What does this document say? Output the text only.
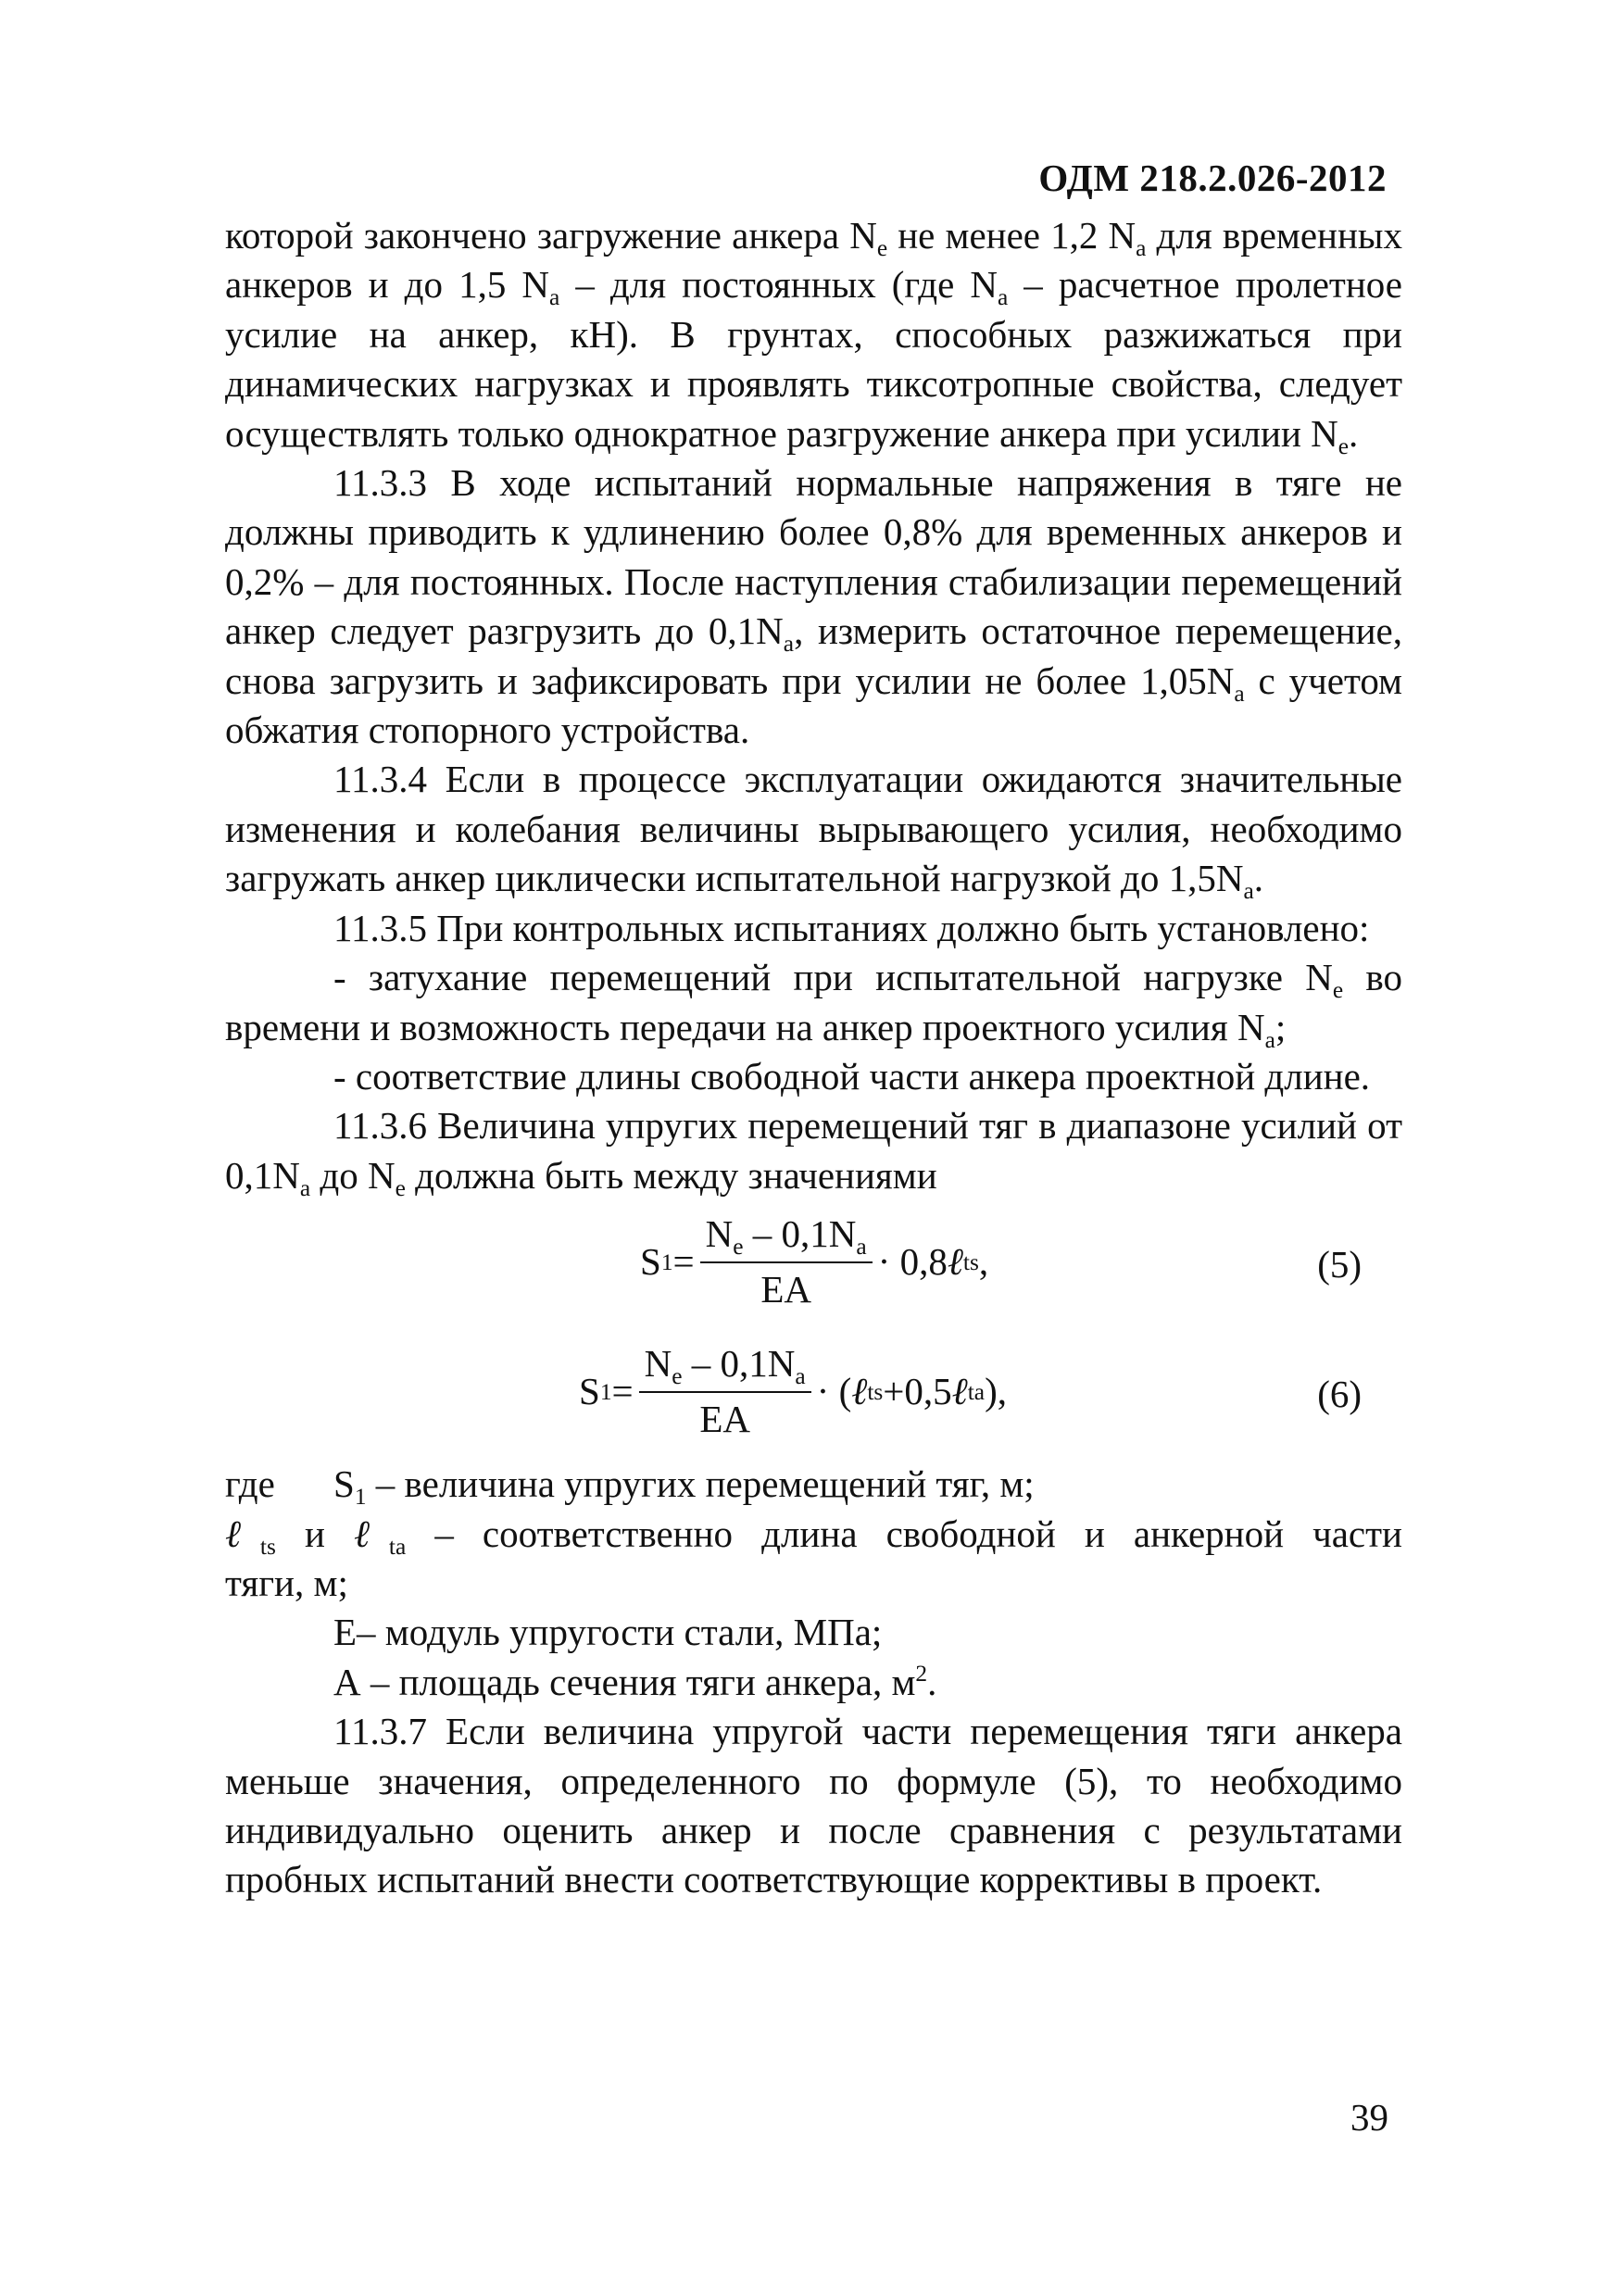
ОДМ 218.2.026-2012

которой закончено загружение анкера $N_e$ не менее 1,2 $N_a$ для временных анкеров и до 1,5 $N_a$ – для постоянных (где $N_a$ – расчетное пролетное усилие на анкер, кН). В грунтах, способных разжижаться при динамических нагрузках и проявлять тиксотропные свойства, следует осуществлять только однократное разгружение анкера при усилии $N_e$.

11.3.3 В ходе испытаний нормальные напряжения в тяге не должны приводить к удлинению более 0,8% для временных анкеров и 0,2% – для постоянных. После наступления стабилизации перемещений анкер следует разгрузить до $0,1N_a$, измерить остаточное перемещение, снова загрузить и зафиксировать при усилии не более $1,05N_a$ с учетом обжатия стопорного устройства.

11.3.4 Если в процессе эксплуатации ожидаются значительные изменения и колебания величины вырывающего усилия, необходимо загружать анкер циклически испытательной нагрузкой до $1,5N_a$.

11.3.5 При контрольных испытаниях должно быть установлено:

- затухание перемещений при испытательной нагрузке $N_e$ во времени и возможность передачи на анкер проектного усилия $N_a$;

- соответствие длины свободной части анкера проектной длине.

11.3.6 Величина упругих перемещений тяг в диапазоне усилий от $0,1N_a$ до $N_e$ должна быть между значениями

S $1 = \frac{N_e - 0,1N_a}{EA} \cdot 0,8$ ℓ ts ,	(5)
S $1 = \frac{N_e - 0,1N_a}{EA}$ · ( ℓ ts +0,5 ℓ ta ),	(6)
где	$S_1$ – величина упругих перемещений тяг, м;

ℓ$_{ts}$ и ℓ$_{ta}$ – соответственно длина свободной и анкерной части

тяги, м;

E– модуль упругости стали, МПа;

А – площадь сечения тяги анкера, $м^2$.

11.3.7 Если величина упругой части перемещения тяги анкера меньше значения, определенного по формуле (5), то необходимо индивидуально оценить анкер и после сравнения с результатами пробных испытаний внести соответствующие коррективы в проект.

39
